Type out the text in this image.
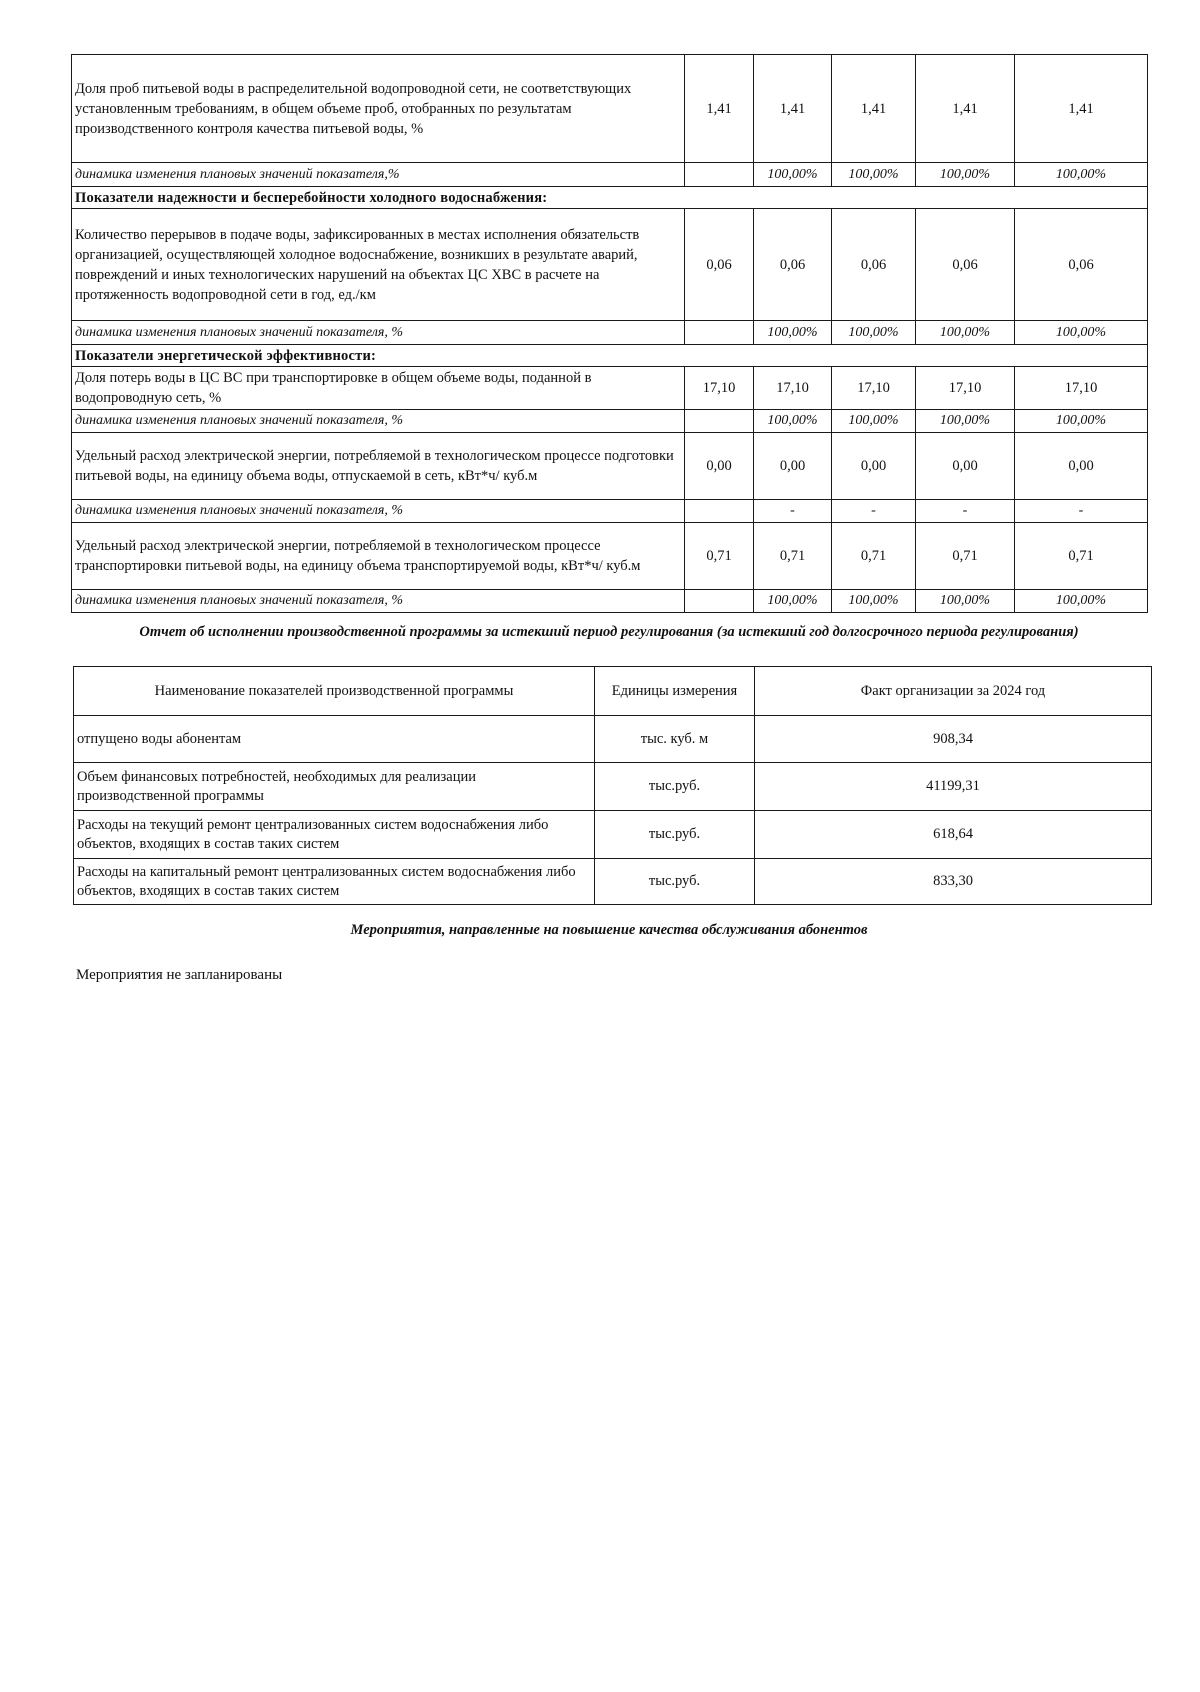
Доля проб питьевой воды в распределительной водопроводной сети, не соответствующих установленным требованиям, в общем объеме проб, отобранных по результатам производственного контроля качества питьевой воды, %	1,41	1,41	1,41	1,41	1,41
динамика изменения плановых значений показателя,%		100,00%	100,00%	100,00%	100,00%
Показатели надежности и бесперебойности холодного водоснабжения:					
Количество перерывов в подаче воды, зафиксированных в местах исполнения обязательств организацией, осуществляющей холодное водоснабжение, возникших в результате аварий, повреждений и иных технологических нарушений на объектах ЦС ХВС в расчете на протяженность водопроводной сети в год, ед./км	0,06	0,06	0,06	0,06	0,06
динамика изменения плановых значений показателя, %		100,00%	100,00%	100,00%	100,00%
Показатели энергетической эффективности:					
Доля потерь воды в ЦС ВС при транспортировке в общем объеме воды, поданной в водопроводную сеть, %	17,10	17,10	17,10	17,10	17,10
динамика изменения плановых значений показателя, %		100,00%	100,00%	100,00%	100,00%
Удельный расход электрической энергии, потребляемой в технологическом процессе подготовки питьевой воды, на единицу объема воды, отпускаемой в сеть, кВт*ч/ куб.м	0,00	0,00	0,00	0,00	0,00
динамика изменения плановых значений показателя, %		-	-	-	-
Удельный расход электрической энергии, потребляемой в технологическом процессе транспортировки питьевой воды, на единицу объема транспортируемой воды, кВт*ч/ куб.м	0,71	0,71	0,71	0,71	0,71
динамика изменения плановых значений показателя, %		100,00%	100,00%	100,00%	100,00%
Отчет об исполнении производственной программы за истекший период регулирования (за истекший год долгосрочного периода регулирования)
Наименование показателей производственной программы	Единицы измерения	Факт организации за 2024 год
отпущено воды абонентам	тыс. куб. м	908,34
Объем финансовых потребностей, необходимых для реализации производственной программы	тыс.руб.	41199,31
Расходы на текущий ремонт централизованных систем водоснабжения либо объектов, входящих в состав таких систем	тыс.руб.	618,64
Расходы на капитальный ремонт централизованных систем водоснабжения либо объектов, входящих в состав таких систем	тыс.руб.	833,30
Мероприятия, направленные на повышение качества обслуживания абонентов
Мероприятия не запланированы
